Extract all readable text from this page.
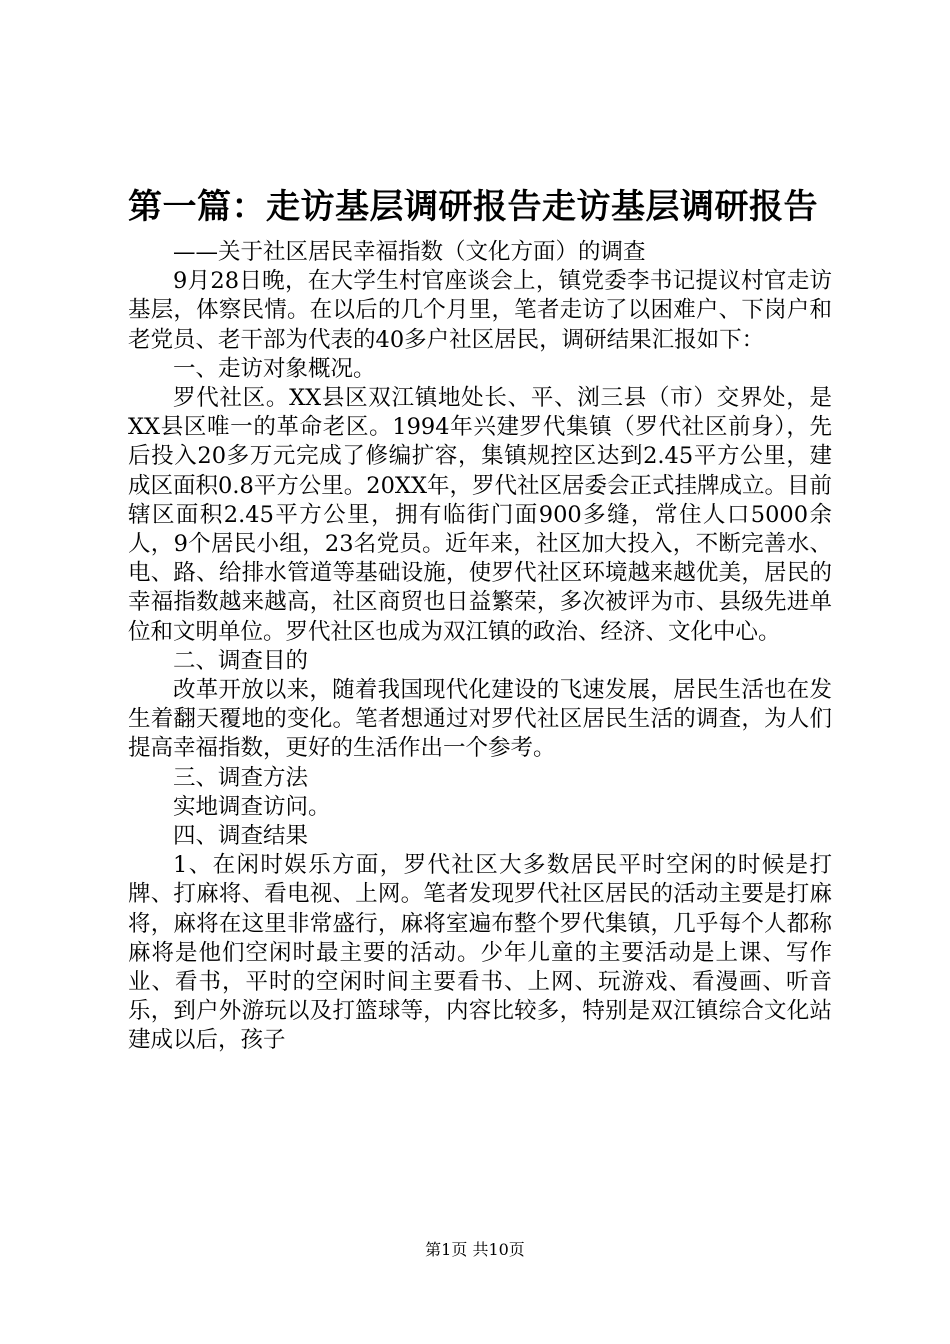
第一篇：走访基层调研报告走访基层调研报告

——关于社区居民幸福指数（文化方面）的调查

9月28日晚，在大学生村官座谈会上，镇党委李书记提议村官走访基层，体察民情。在以后的几个月里，笔者走访了以困难户、下岗户和老党员、老干部为代表的40多户社区居民，调研结果汇报如下：

一、走访对象概况。

罗代社区。XX县区双江镇地处长、平、浏三县（市）交界处，是XX县区唯一的革命老区。1994年兴建罗代集镇（罗代社区前身），先后投入20多万元完成了修编扩容，集镇规控区达到2.45平方公里，建成区面积0.8平方公里。20XX年，罗代社区居委会正式挂牌成立。目前辖区面积2.45平方公里，拥有临街门面900多缝，常住人口5000余人，9个居民小组，23名党员。近年来，社区加大投入，不断完善水、电、路、给排水管道等基础设施，使罗代社区环境越来越优美，居民的幸福指数越来越高，社区商贸也日益繁荣，多次被评为市、县级先进单位和文明单位。罗代社区也成为双江镇的政治、经济、文化中心。

二、调查目的

改革开放以来，随着我国现代化建设的飞速发展，居民生活也在发生着翻天覆地的变化。笔者想通过对罗代社区居民生活的调查，为人们提高幸福指数，更好的生活作出一个参考。

三、调查方法

实地调查访问。

四、调查结果

1、在闲时娱乐方面，罗代社区大多数居民平时空闲的时候是打牌、打麻将、看电视、上网。笔者发现罗代社区居民的活动主要是打麻将，麻将在这里非常盛行，麻将室遍布整个罗代集镇，几乎每个人都称麻将是他们空闲时最主要的活动。少年儿童的主要活动是上课、写作业、看书，平时的空闲时间主要看书、上网、玩游戏、看漫画、听音乐，到户外游玩以及打篮球等，内容比较多，特别是双江镇综合文化站建成以后，孩子

第1页 共10页
